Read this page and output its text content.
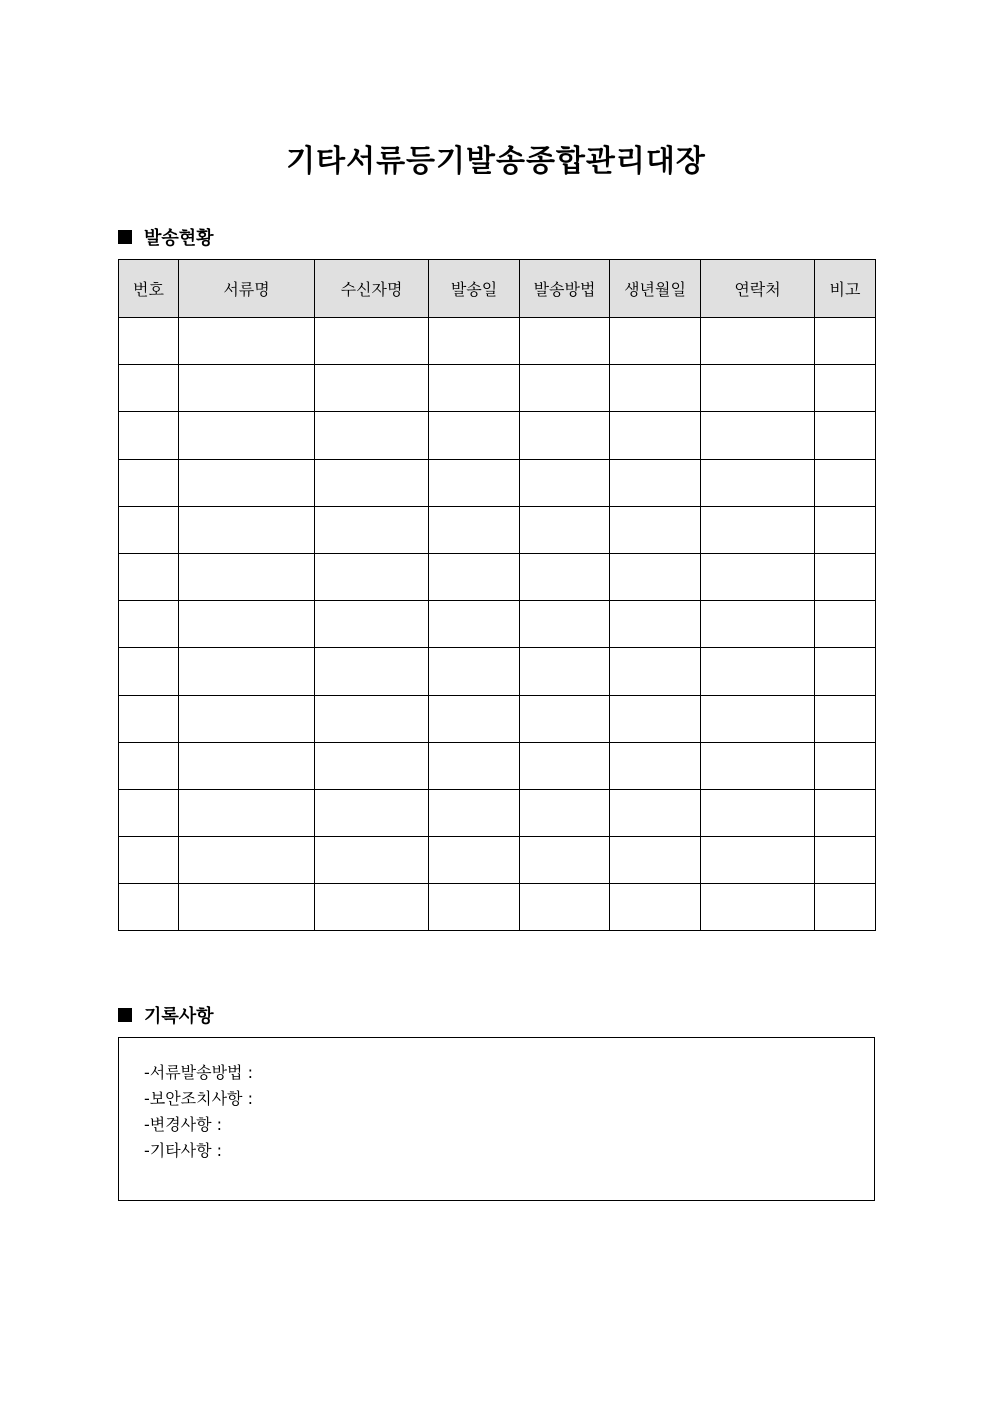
기타서류등기발송종합관리대장
발송현황
번호	서류명	수신자명	발송일	발송방법	생년월일	연락처	비고

기록사항
-서류발송방법 :
-보안조치사항 :
-변경사항 :
-기타사항 :
